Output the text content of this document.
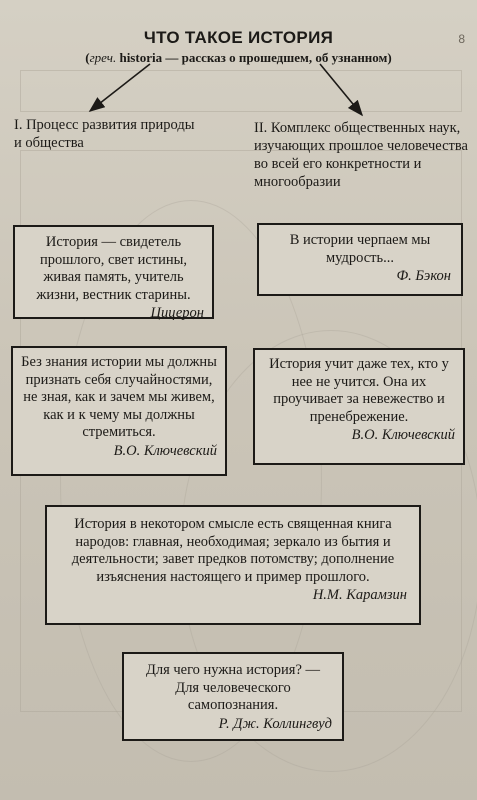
ЧТО ТАКОЕ ИСТОРИЯ	8
(греч. historia — рассказ о прошедшем, об узнанном)
I. Процесс развития природы и общества
II. Комплекс общественных наук, изучающих прошлое человечества во всей его конкретности и многообразии
История — свидетель прошлого, свет истины, живая память, учитель жизни, вестник старины.
Цицерон
В истории черпаем мы мудрость...
Ф. Бэкон
Без знания истории мы должны признать себя случайностями, не зная, как и зачем мы живем, как и к чему мы должны стремиться.
В.О. Ключевский
История учит даже тех, кто у нее не учится. Она их проучивает за невежество и пренебрежение.
В.О. Ключевский
История в некотором смысле есть священная книга народов: главная, необходимая; зеркало из бытия и деятельности; завет предков потомству; дополнение изъяснения настоящего и пример прошлого.
Н.М. Карамзин
Для чего нужна история? — Для человеческого самопознания.
Р. Дж. Коллингвуд
